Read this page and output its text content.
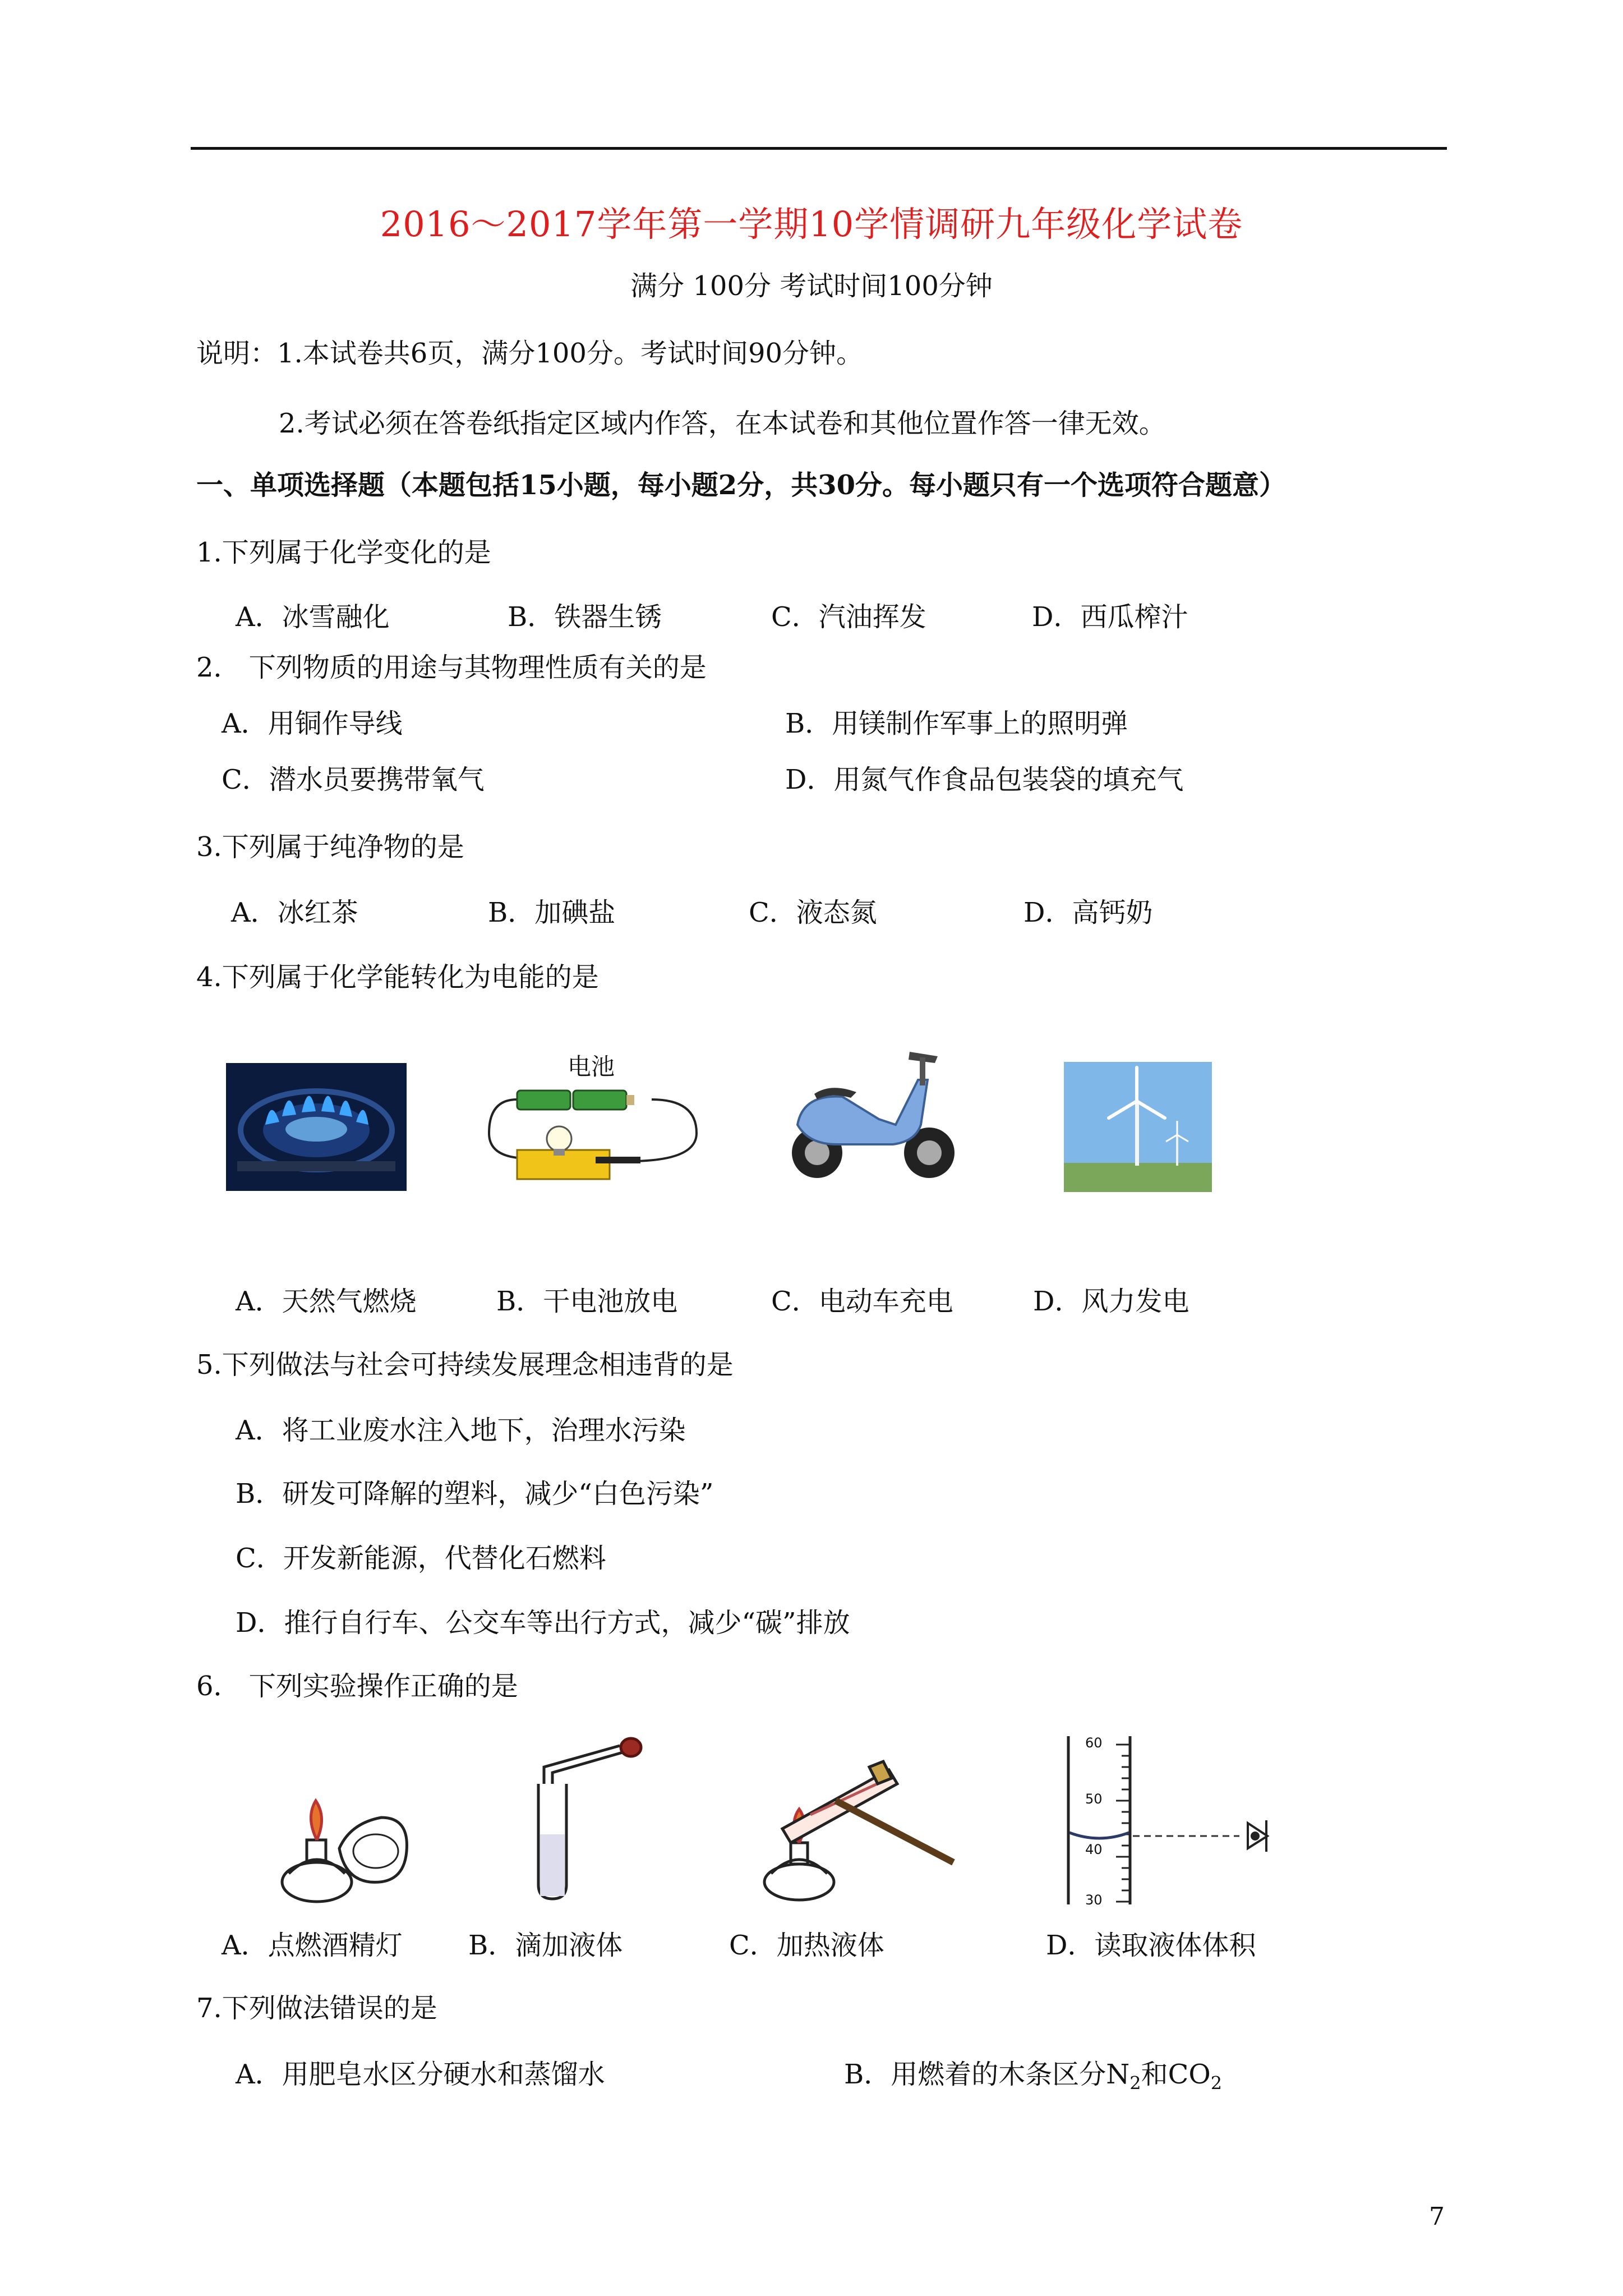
2016～2017学年第一学期10学情调研九年级化学试卷
满分 100分 考试时间100分钟
说明：1.本试卷共6页，满分100分。考试时间90分钟。
2.考试必须在答卷纸指定区域内作答，在本试卷和其他位置作答一律无效。
一、单项选择题（本题包括15小题，每小题2分，共30分。每小题只有一个选项符合题意）
1.下列属于化学变化的是
A．冰雪融化	B．铁器生锈	C．汽油挥发	D．西瓜榨汁
2． 下列物质的用途与其物理性质有关的是
A．用铜作导线	B．用镁制作军事上的照明弹
C．潜水员要携带氧气	D．用氮气作食品包装袋的填充气
3.下列属于纯净物的是
A．冰红茶	B．加碘盐	C．液态氮	D．高钙奶
4.下列属于化学能转化为电能的是
电池
A．天然气燃烧	B．干电池放电	C．电动车充电	D．风力发电
5.下列做法与社会可持续发展理念相违背的是
A．将工业废水注入地下，治理水污染
B．研发可降解的塑料，减少“白色污染”
C．开发新能源，代替化石燃料
D．推行自行车、公交车等出行方式，减少“碳”排放
6． 下列实验操作正确的是
60
50
40
30
A．点燃酒精灯 B．滴加液体	C．加热液体	D．读取液体体积
7.下列做法错误的是
A．用肥皂水区分硬水和蒸馏水	B．用燃着的木条区分$N_2$和$CO_2$
7
